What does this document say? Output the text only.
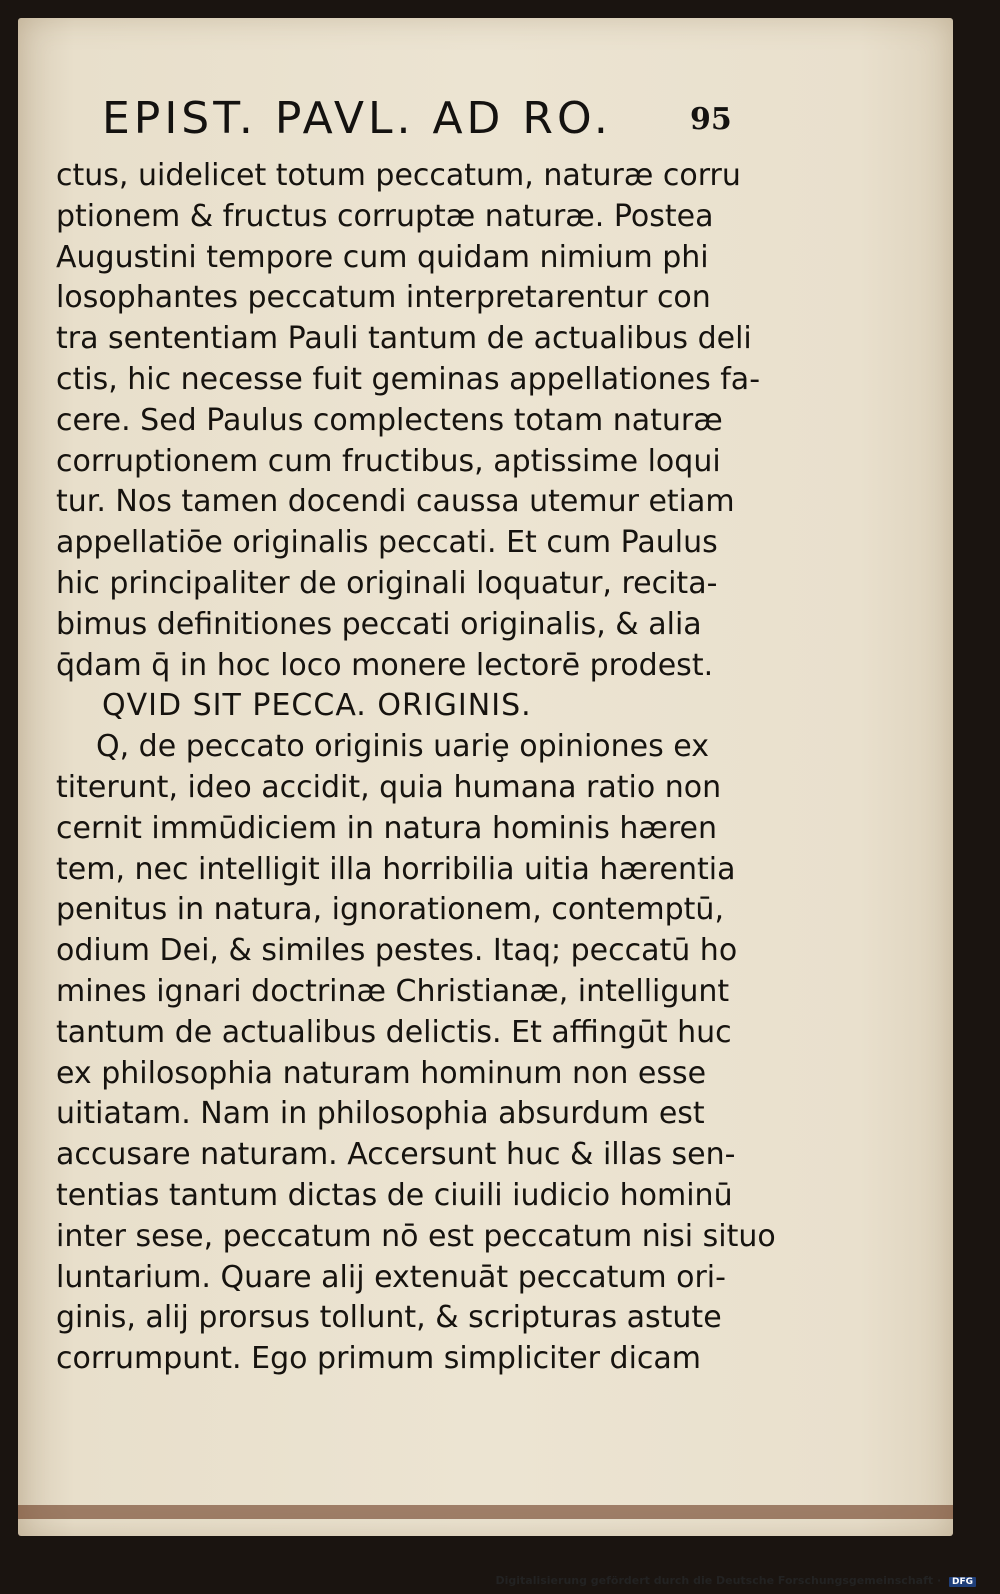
EPIST. PAVL. AD RO.	95
ctus, uidelicet totum peccatum, naturæ corru
ptionem & fructus corruptæ naturæ. Postea
Augustini tempore cum quidam nimium phi
losophantes peccatum interpretarentur con
tra sententiam Pauli tantum de actualibus deli
ctis, hic necesse fuit geminas appellationes fa-
cere. Sed Paulus complectens totam naturæ
corruptionem cum fructibus, aptissime loqui
tur. Nos tamen docendi caussa utemur etiam
appellatiōe originalis peccati. Et cum Paulus
hic principaliter de originali loquatur, recita-
bimus definitiones peccati originalis, & alia
q̄dam q̄ in hoc loco monere lectorē prodest.
QVID SIT PECCA. ORIGINIS.
Q, de peccato originis uariȩ opiniones ex
titerunt, ideo accidit, quia humana ratio non
cernit immūdiciem in natura hominis hæren
tem, nec intelligit illa horribilia uitia hærentia
penitus in natura, ignorationem, contemptū,
odium Dei, & similes pestes. Itaq; peccatū ho
mines ignari doctrinæ Christianæ, intelligunt
tantum de actualibus delictis. Et affingūt huc
ex philosophia naturam hominum non esse
uitiatam. Nam in philosophia absurdum est
accusare naturam. Accersunt huc & illas sen-
tentias tantum dictas de ciuili iudicio hominū
inter sese, peccatum nō est peccatum nisi situo
luntarium. Quare alij extenuāt peccatum ori-
ginis, alij prorsus tollunt, & scripturas astute
corrumpunt. Ego primum simpliciter dicam
Digitalisierung gefördert durch die Deutsche Forschungsgemeinschaft · DFG
